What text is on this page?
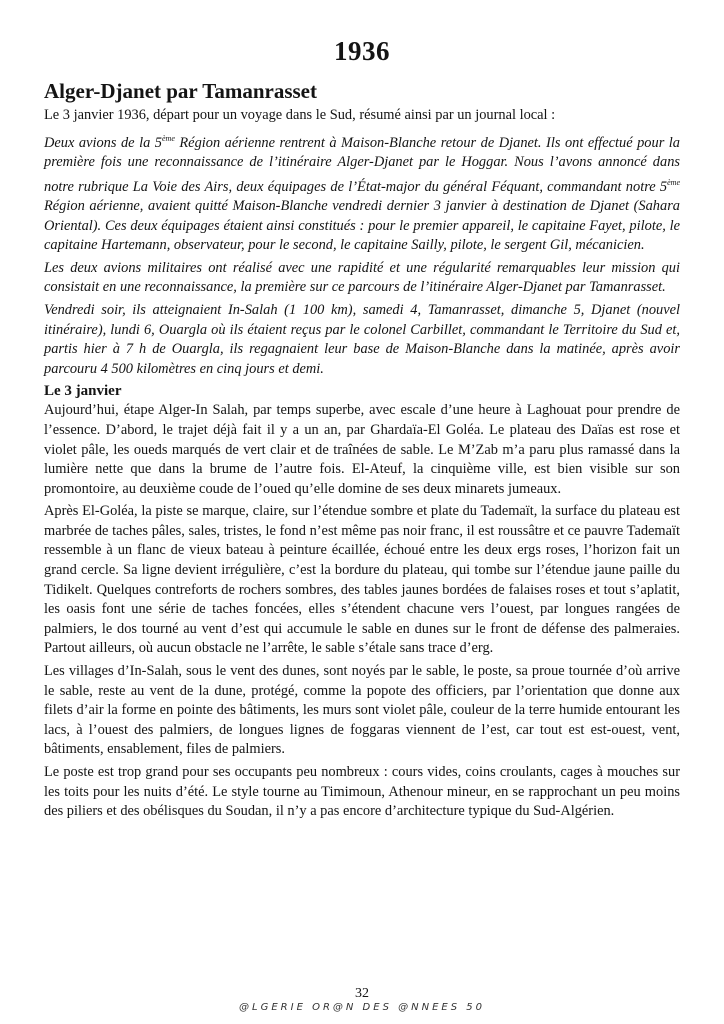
1936
Alger-Djanet par Tamanrasset

Le 3 janvier 1936, départ pour un voyage dans le Sud, résumé ainsi par un journal local :

Deux avions de la 5ème Région aérienne rentrent à Maison-Blanche retour de Djanet. Ils ont effectué pour la première fois une reconnaissance de l’itinéraire Alger-Djanet par le Hoggar. Nous l’avons annoncé dans notre rubrique La Voie des Airs, deux équipages de l’État-major du général Féquant, commandant notre 5ème Région aérienne, avaient quitté Maison-Blanche vendredi dernier 3 janvier à destination de Djanet (Sahara Oriental). Ces deux équipages étaient ainsi constitués : pour le premier appareil, le capitaine Fayet, pilote, le capitaine Hartemann, observateur, pour le second, le capitaine Sailly, pilote, le sergent Gil, mécanicien.

Les deux avions militaires ont réalisé avec une rapidité et une régularité remarquables leur mission qui consistait en une reconnaissance, la première sur ce parcours de l’itinéraire Alger-Djanet par Tamanrasset.

Vendredi soir, ils atteignaient In-Salah (1 100 km), samedi 4, Tamanrasset, dimanche 5, Djanet (nouvel itinéraire), lundi 6, Ouargla où ils étaient reçus par le colonel Carbillet, commandant le Territoire du Sud et, partis hier à 7 h de Ouargla, ils regagnaient leur base de Maison-Blanche dans la matinée, après avoir parcouru 4 500 kilomètres en cinq jours et demi.

Le 3 janvier

Aujourd’hui, étape Alger-In Salah, par temps superbe, avec escale d’une heure à Laghouat pour prendre de l’essence. D’abord, le trajet déjà fait il y a un an, par Ghardaïa-El Goléa. Le plateau des Daïas est rose et violet pâle, les oueds marqués de vert clair et de traînées de sable. Le M’Zab m’a paru plus ramassé dans la lumière nette que dans la brume de l’autre fois. El-Ateuf, la cinquième ville, est bien visible sur son promontoire, au deuxième coude de l’oued qu’elle domine de ses deux minarets jumeaux.

Après El-Goléa, la piste se marque, claire, sur l’étendue sombre et plate du Tademaït, la surface du plateau est marbrée de taches pâles, sales, tristes, le fond n’est même pas noir franc, il est roussâtre et ce pauvre Tademaït ressemble à un flanc de vieux bateau à peinture écaillée, échoué entre les deux ergs roses, l’horizon fait un grand cercle. Sa ligne devient irrégulière, c’est la bordure du plateau, qui tombe sur l’étendue jaune paille du Tidikelt. Quelques contreforts de rochers sombres, des tables jaunes bordées de falaises roses et tout s’aplatit, les oasis font une série de taches foncées, elles s’étendent chacune vers l’ouest, par longues rangées de palmiers, le dos tourné au vent d’est qui accumule le sable en dunes sur le front de défense des palmeraies. Partout ailleurs, où aucun obstacle ne l’arrête, le sable s’étale sans trace d’erg.

Les villages d’In-Salah, sous le vent des dunes, sont noyés par le sable, le poste, sa proue tournée d’où arrive le sable, reste au vent de la dune, protégé, comme la popote des officiers, par l’orientation que donne aux filets d’air la forme en pointe des bâtiments, les murs sont violet pâle, couleur de la terre humide entourant les lacs, à l’ouest des palmiers, de longues lignes de foggaras viennent de l’est, car tout est est-ouest, vent, bâtiments, ensablement, files de palmiers.

Le poste est trop grand pour ses occupants peu nombreux : cours vides, coins croulants, cages à mouches sur les toits pour les nuits d’été. Le style tourne au Timimoun, Athenour mineur, en se rapprochant un peu moins des piliers et des obélisques du Soudan, il n’y a pas encore d’architecture typique du Sud-Algérien.

32
@LGERIE OR@N DES @NNEES 50
